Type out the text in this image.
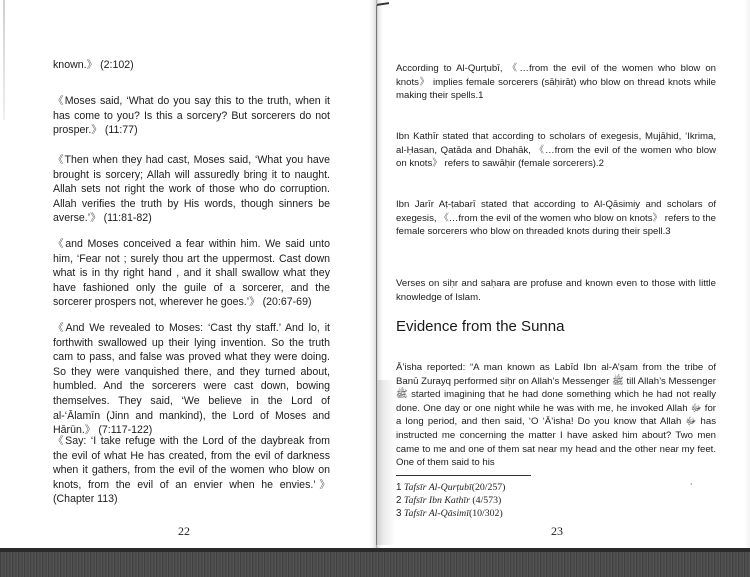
known.》 (2:102)

《Moses said, ‘What do you say this to the truth, when it has come to you? Is this a sorcery? But sorcerers do not prosper.》 (11:77)

《Then when they had cast, Moses said, ‘What you have brought is sorcery; Allah will assuredly bring it to naught. Allah sets not right the work of those who do corruption. Allah verifies the truth by His words, though sinners be averse.’》 (11:81-82)

《and Moses conceived a fear within him. We said unto him, ‘Fear not ; surely thou art the uppermost. Cast down what is in thy right hand , and it shall swallow what they have fashioned only the guile of a sorcerer, and the sorcerer prospers not, wherever he goes.’》 (20:67-69)

《And We revealed to Moses: ‘Cast thy staff.’ And lo, it forthwith swallowed up their lying invention. So the truth cam to pass, and false was proved what they were doing. So they were vanquished there, and they turned about, humbled. And the sorcerers were cast down, bowing themselves. They said, ‘We believe in the Lord of al-‘Ālamīn (Jinn and mankind), the Lord of Moses and Hārūn.》 (7:117-122)

《Say: ‘I take refuge with the Lord of the daybreak from the evil of what He has created, from the evil of darkness when it gathers, from the evil of the women who blow on knots, from the evil of an envier when he envies.’》 (Chapter 113)

22

According to Al-Qurṭubī, 《…from the evil of the women who blow on knots》 implies female sorcerers (sāḥirāt) who blow on thread knots while making their spells.1

Ibn Kathīr stated that according to scholars of exegesis, Mujāhid, ‘Ikrima, al-Ḥasan, Qatāda and Dhahāk, 《…from the evil of the women who blow on knots》 refers to sawāḥir (female sorcerers).2

Ibn Jarīr Aṭ-ṭabarī stated that according to Al-Qāsimiy and scholars of exegesis, 《…from the evil of the women who blow on knots》 refers to the female sorcerers who blow on threaded knots during their spell.3

Verses on siḥr and saḥara are profuse and known even to those with little knowledge of Islam.

Evidence from the Sunna

Ā’isha reported: “A man known as Labīd Ibn al-A’ṣam from the tribe of Banū Zurayq performed siḥr on Allah’s Messenger ﷺ till Allah’s Messenger ﷺ started imagining that he had done something which he had not really done. One day or one night while he was with me, he invoked Allah ﷻ for a long period, and then said, ‘O ‘Ā’isha! Do you know that Allah ﷻ has instructed me concerning the matter I have asked him about? Two men came to me and one of them sat near my head and the other near my feet. One of them said to his

1 Tafsīr Al-Qurṭubī(20/257)
2 Tafsīr Ibn Kathīr (4/573)
3 Tafsīr Al-Qāsimī(10/302)
′
23
